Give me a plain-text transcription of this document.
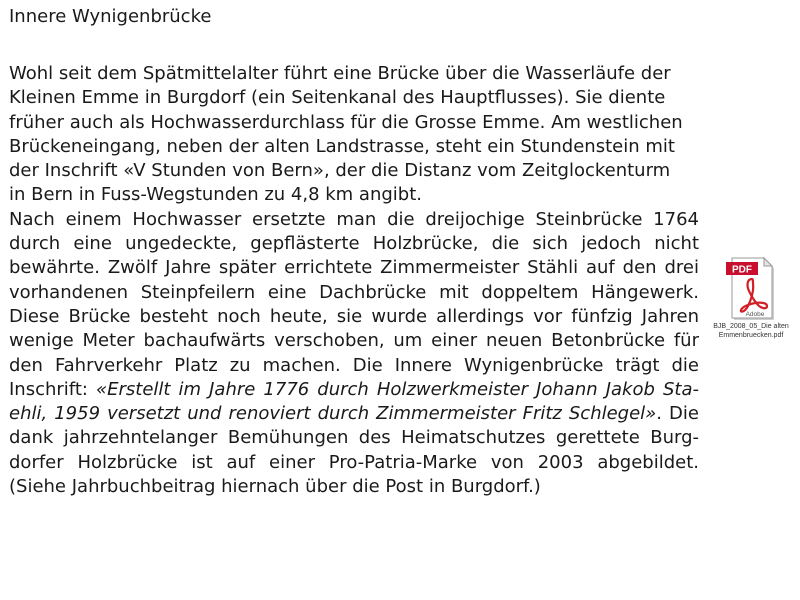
Innere Wynigenbrücke
Wohl seit dem Spätmittelalter führt eine Brücke über die Wasserläufe der
Kleinen Emme in Burgdorf (ein Seitenkanal des Hauptflusses). Sie diente
früher auch als Hochwasserdurchlass für die Grosse Emme. Am westlichen
Brückeneingang, neben der alten Landstrasse, steht ein Stundenstein mit
der Inschrift «V Stunden von Bern», der die Distanz vom Zeitglockenturm
in Bern in Fuss-Wegstunden zu 4,8 km angibt.
Nach einem Hochwasser ersetzte man die dreijochige Steinbrücke 1764
durch eine ungedeckte, gepflästerte Holzbrücke, die sich jedoch nicht
bewährte. Zwölf Jahre später errichtete Zimmermeister Stähli auf den drei
vorhandenen Steinpfeilern eine Dachbrücke mit doppeltem Hängewerk.
Diese Brücke besteht noch heute, sie wurde allerdings vor fünfzig Jahren
wenige Meter bachaufwärts verschoben, um einer neuen Betonbrücke für
den Fahrverkehr Platz zu machen. Die Innere Wynigenbrücke trägt die
Inschrift: «Erstellt im Jahre 1776 durch Holzwerkmeister Johann Jakob Sta-
ehli, 1959 versetzt und renoviert durch Zimmermeister Fritz Schlegel». Die
dank jahrzehntelanger Bemühungen des Heimatschutzes gerettete Burg-
dorfer Holzbrücke ist auf einer Pro-Patria-Marke von 2003 abgebildet.
(Siehe Jahrbuchbeitrag hiernach über die Post in Burgdorf.)
PDF
Adobe
BJB_2008_05_Die alten
Emmenbruecken.pdf
